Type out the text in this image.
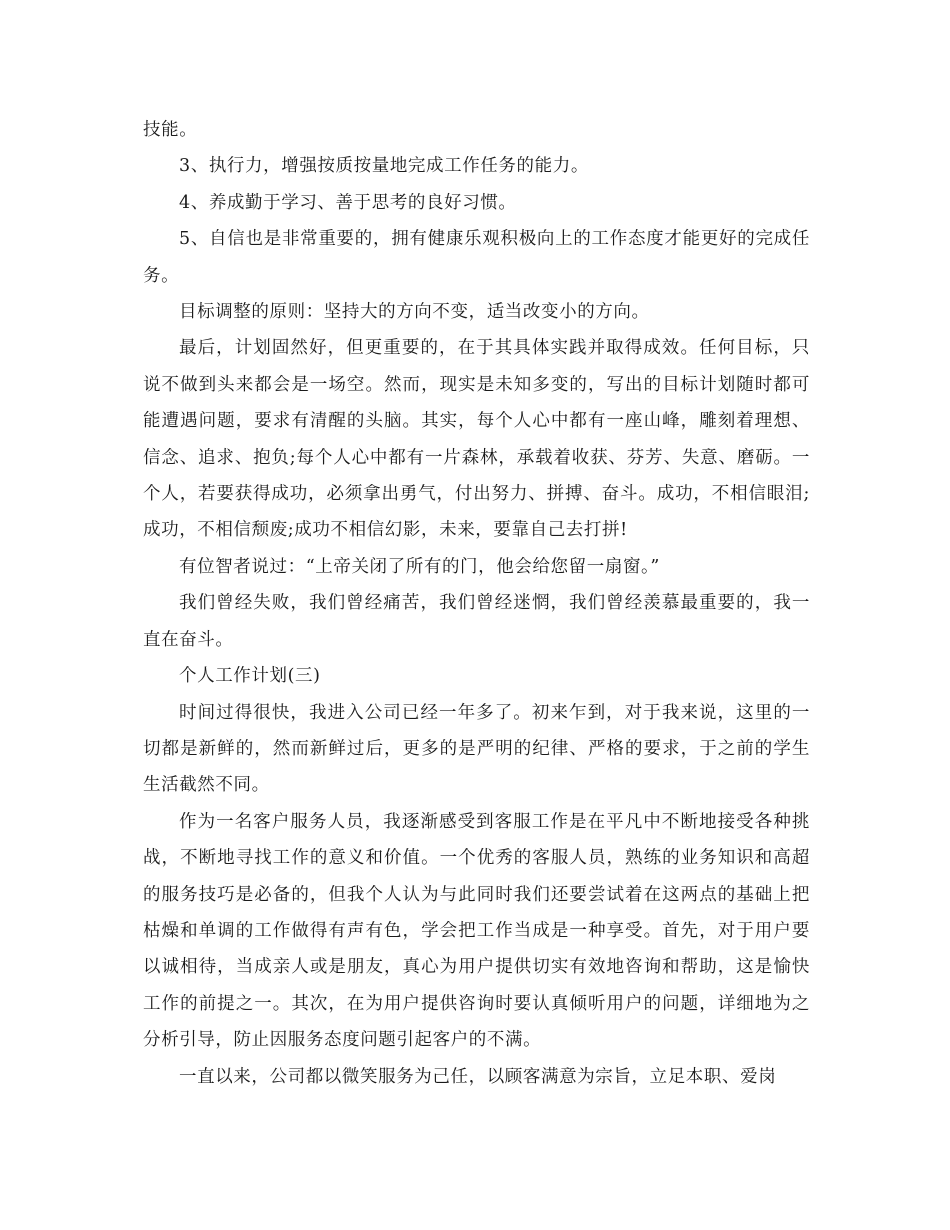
技能。

3、执行力，增强按质按量地完成工作任务的能力。

4、养成勤于学习、善于思考的良好习惯。

5、自信也是非常重要的，拥有健康乐观积极向上的工作态度才能更好的完成任务。

目标调整的原则：坚持大的方向不变，适当改变小的方向。

最后，计划固然好，但更重要的，在于其具体实践并取得成效。任何目标，只说不做到头来都会是一场空。然而，现实是未知多变的，写出的目标计划随时都可能遭遇问题，要求有清醒的头脑。其实，每个人心中都有一座山峰，雕刻着理想、信念、追求、抱负;每个人心中都有一片森林，承载着收获、芬芳、失意、磨砺。一个人，若要获得成功，必须拿出勇气，付出努力、拼搏、奋斗。成功，不相信眼泪;成功，不相信颓废;成功不相信幻影，未来，要靠自己去打拼!

有位智者说过：“上帝关闭了所有的门，他会给您留一扇窗。”

我们曾经失败，我们曾经痛苦，我们曾经迷惘，我们曾经羡慕最重要的，我一直在奋斗。

个人工作计划(三)

时间过得很快，我进入公司已经一年多了。初来乍到，对于我来说，这里的一切都是新鲜的，然而新鲜过后，更多的是严明的纪律、严格的要求，于之前的学生生活截然不同。

作为一名客户服务人员，我逐渐感受到客服工作是在平凡中不断地接受各种挑战，不断地寻找工作的意义和价值。一个优秀的客服人员，熟练的业务知识和高超的服务技巧是必备的，但我个人认为与此同时我们还要尝试着在这两点的基础上把枯燥和单调的工作做得有声有色，学会把工作当成是一种享受。首先，对于用户要以诚相待，当成亲人或是朋友，真心为用户提供切实有效地咨询和帮助，这是愉快工作的前提之一。其次，在为用户提供咨询时要认真倾听用户的问题，详细地为之分析引导，防止因服务态度问题引起客户的不满。

一直以来，公司都以微笑服务为己任，以顾客满意为宗旨，立足本职、爱岗
